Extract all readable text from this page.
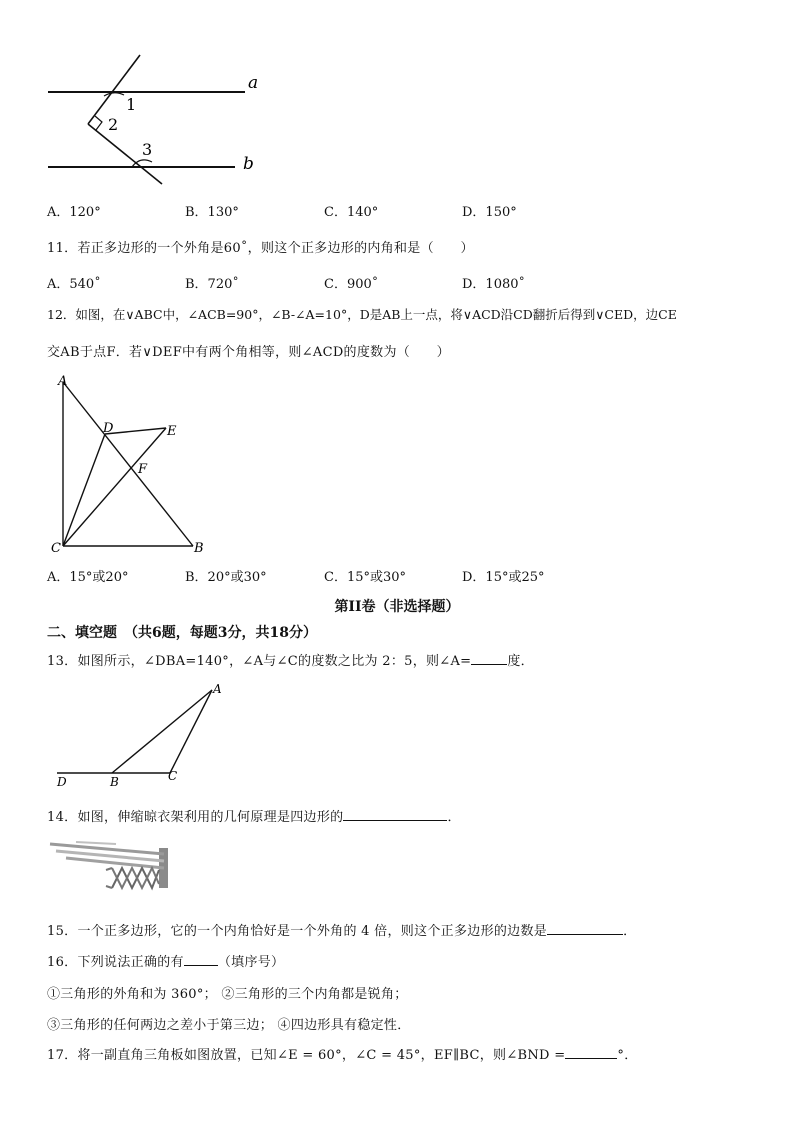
a
b
1
2
3
A．120°	B．130°	C．140°	D．150°
11．若正多边形的一个外角是60˚，则这个正多边形的内角和是（　　）
A．540˚	B．720˚	C．900˚	D．1080˚
12．如图，在∨ABC中，∠ACB=90°，∠B-∠A=10°，D是AB上一点，将∨ACD沿CD翻折后得到∨CED，边CE
交AB于点F．若∨DEF中有两个角相等，则∠ACD的度数为（　　）
A
C	B
D	E
F
A．15°或20°	B．20°或30°	C．15°或30°	D．15°或25°
第II卷（非选择题）
二、填空题　（共6题，每题3分，共18分）
13．如图所示，∠DBA=140°，∠A与∠C的度数之比为 2：5，则∠A=	度．
A
D	B	C
14．如图，伸缩晾衣架利用的几何原理是四边形的	．
15．一个正多边形，它的一个内角恰好是一个外角的 4 倍，则这个正多边形的边数是	．
16．下列说法正确的有	（填序号）
①三角形的外角和为 360°； ②三角形的三个内角都是锐角；
③三角形的任何两边之差小于第三边； ④四边形具有稳定性．
17．将一副直角三角板如图放置，已知∠E = 60°，∠C = 45°，EF∥BC，则∠BND =	°．
